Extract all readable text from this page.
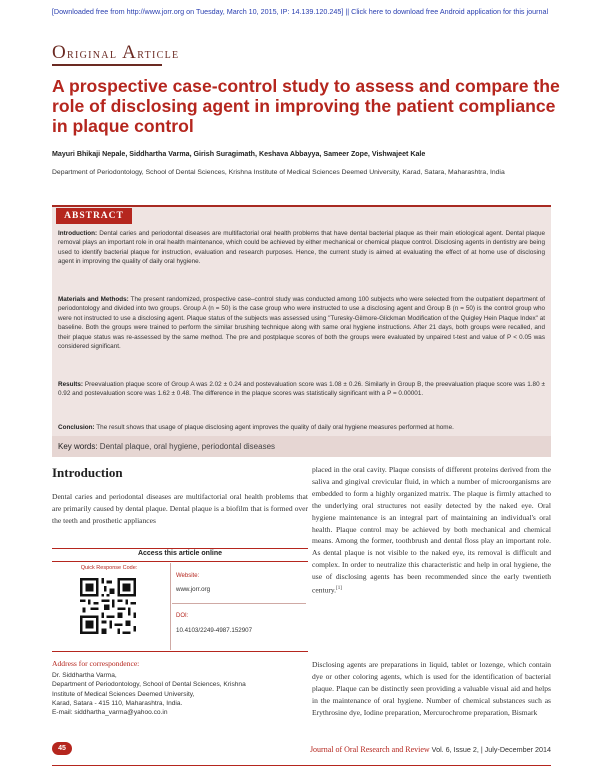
[Downloaded free from http://www.jorr.org on Tuesday, March 10, 2015, IP: 14.139.120.245] || Click here to download free Android application for this journal
Original Article
A prospective case-control study to assess and compare the role of disclosing agent in improving the patient compliance in plaque control
Mayuri Bhikaji Nepale, Siddhartha Varma, Girish Suragimath, Keshava Abbayya, Sameer Zope, Vishwajeet Kale
Department of Periodontology, School of Dental Sciences, Krishna Institute of Medical Sciences Deemed University, Karad, Satara, Maharashtra, India
ABSTRACT

Introduction: Dental caries and periodontal diseases are multifactorial oral health problems that have dental bacterial plaque as their main etiological agent. Dental plaque removal plays an important role in oral health maintenance, which could be achieved by either mechanical or chemical plaque control. Disclosing agents in dentistry are being used to identify bacterial plaque for instruction, evaluation and research purposes. Hence, the current study is aimed at evaluating the effect of at home use of disclosing agent in improving the quality of daily oral hygiene.

Materials and Methods: The present randomized, prospective case–control study was conducted among 100 subjects who were selected from the outpatient department of periodontology and divided into two groups. Group A (n = 50) is the case group who were instructed to use a disclosing agent and Group B (n = 50) is the control group who were not instructed to use a disclosing agent. Plaque status of the subjects was assessed using "Turesky-Gilmore-Glickman Modification of the Quigley Hein Plaque Index" at baseline. Both the groups were trained to perform the similar brushing technique along with same oral hygiene instructions. After 21 days, both groups were recalled, and their plaque status was re-assessed by the same method. The pre and postplaque scores of both the groups were evaluated by unpaired t-test and value of P < 0.05 was considered significant.

Results: Preevaluation plaque score of Group A was 2.02 ± 0.24 and postevaluation score was 1.08 ± 0.26. Similarly in Group B, the preevaluation plaque score was 1.80 ± 0.92 and postevaluation score was 1.62 ± 0.48. The difference in the plaque scores was statistically significant with a P = 0.00001.

Conclusion: The result shows that usage of plaque disclosing agent improves the quality of daily oral hygiene measures performed at home.

Key words: Dental plaque, oral hygiene, periodontal diseases
Introduction

Dental caries and periodontal diseases are multifactorial oral health problems that are primarily caused by dental plaque. Dental plaque is a biofilm that is formed over the teeth and prosthetic appliances

placed in the oral cavity. Plaque consists of different proteins derived from the saliva and gingival crevicular fluid, in which a number of microorganisms are embedded to form a highly organized matrix. The plaque is firmly attached to the underlying oral structures not easily detected by the naked eye. Oral hygiene maintenance is an integral part of maintaining an individual's oral health. Plaque control may be achieved by both mechanical and chemical means. Among the former, toothbrush and dental floss play an important role. As dental plaque is not visible to the naked eye, its removal is difficult and complex. In order to neutralize this characteristic and help in oral hygiene, the use of disclosing agents has been recommended since the early twentieth century.[1]

Disclosing agents are preparations in liquid, tablet or lozenge, which contain dye or other coloring agents, which is used for the identification of bacterial plaque. Plaque can be distinctly seen providing a valuable visual aid and helps in the maintenance of oral hygiene. Number of chemical substances such as Erythrosine dye, Iodine preparation, Mercurochrome preparation, Bismark

Access this article online
Quick Response Code:
Website:
www.jorr.org
DOI:
10.4103/2249-4987.152907
Address for correspondence:
Dr. Siddhartha Varma,
Department of Periodontology, School of Dental Sciences, Krishna
Institute of Medical Sciences Deemed University,
Karad, Satara - 415 110, Maharashtra, India.
E-mail: siddhartha_varma@yahoo.co.in
45	Journal of Oral Research and Review Vol. 6, Issue 2, | July-December 2014
